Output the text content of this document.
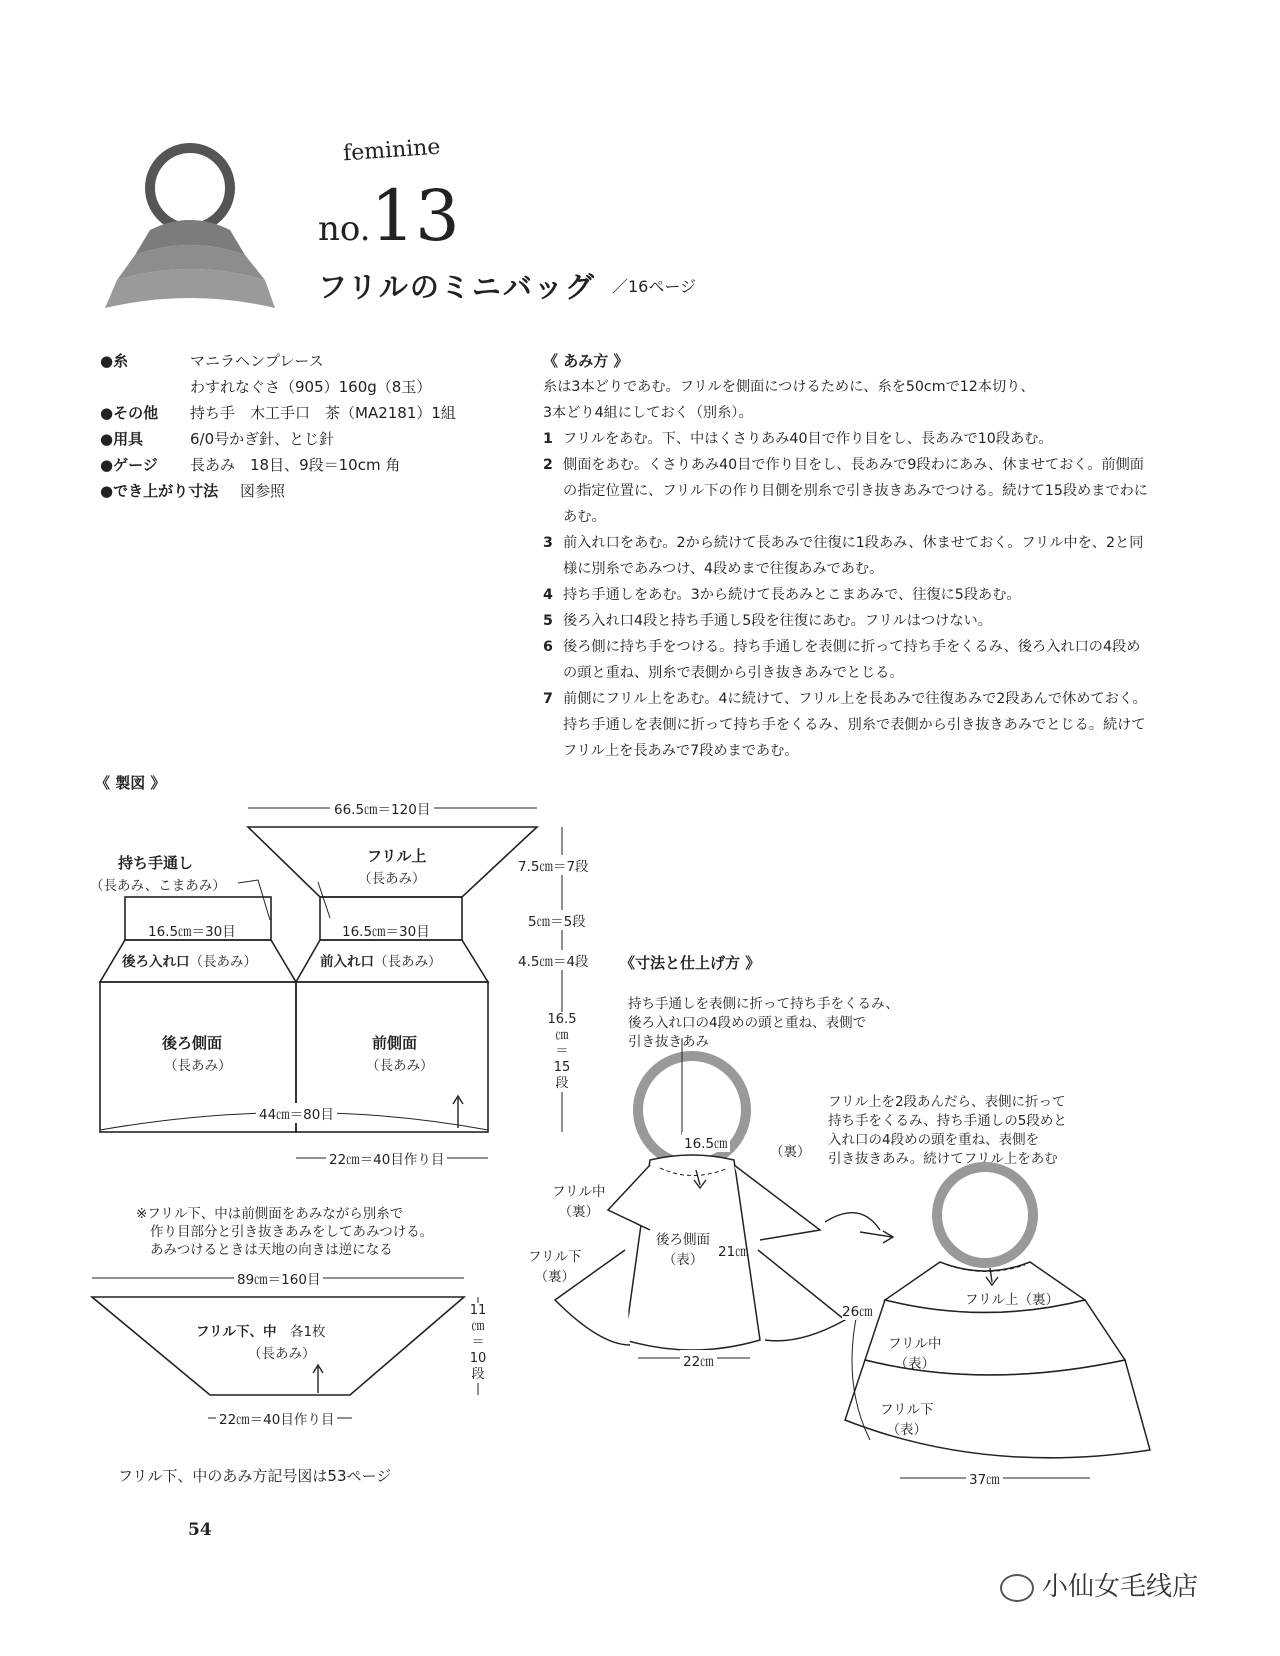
feminine
no.13
フリルのミニバッグ ／16ページ
●糸	マニラヘンプレース
わすれなぐさ（905）160g（8玉）
●その他 持ち手　木工手口　茶（MA2181）1組
●用具	6/0号かぎ針、とじ針
●ゲージ 長あみ　18目、9段＝10cm 角
●でき上がり寸法 図参照
《 あみ方 》
糸は3本どりであむ。フリルを側面につけるために、糸を50cmで12本切り、
3本どり4組にしておく（別糸）。
1 フリルをあむ。下、中はくさりあみ40目で作り目をし、長あみで10段あむ。
2 側面をあむ。くさりあみ40目で作り目をし、長あみで9段わにあみ、休ませておく。前側面の指定位置に、フリル下の作り目側を別糸で引き抜きあみでつける。続けて15段めまでわにあむ。
3 前入れ口をあむ。2から続けて長あみで往復に1段あみ、休ませておく。フリル中を、2と同様に別糸であみつけ、4段めまで往復あみであむ。
4 持ち手通しをあむ。3から続けて長あみとこまあみで、往復に5段あむ。
5 後ろ入れ口4段と持ち手通し5段を往復にあむ。フリルはつけない。
6 後ろ側に持ち手をつける。持ち手通しを表側に折って持ち手をくるみ、後ろ入れ口の4段めの頭と重ね、別糸で表側から引き抜きあみでとじる。
7 前側にフリル上をあむ。4に続けて、フリル上を長あみで往復あみで2段あんで休めておく。持ち手通しを表側に折って持ち手をくるみ、別糸で表側から引き抜きあみでとじる。続けてフリル上を長あみで7段めまであむ。
《 製図 》
66.5㎝＝120目
フリル上
（長あみ）
7.5㎝＝7段
持ち手通し
（長あみ、こまあみ）
16.5㎝＝30目	16.5㎝＝30目
5㎝＝5段
後ろ入れ口（長あみ）	前入れ口（長あみ）	4.5㎝＝4段
後ろ側面
（長あみ）
前側面
（長あみ）
16.5
㎝
＝
15
段
44㎝＝80目
22㎝＝40目作り目
※フリル下、中は前側面をあみながら別糸で
作り目部分と引き抜きあみをしてあみつける。
あみつけるときは天地の向きは逆になる
89㎝＝160目
フリル下、中　 各1枚
（長あみ）
11
㎝
＝
10
段
22㎝＝40目作り目
フリル下、中のあみ方記号図は53ページ
《寸法と仕上げ方 》
持ち手通しを表側に折って持ち手をくるみ、
後ろ入れ口の4段めの頭と重ね、表側で
引き抜きあみ
フリル上を2段あんだら、表側に折って
持ち手をくるみ、持ち手通しの5段めと
入れ口の4段めの頭を重ね、表側を
引き抜きあみ。続けてフリル上をあむ
16.5㎝	（裏）
フリル中
（裏）
フリル下
（裏）
後ろ側面
（表）	21㎝
22㎝
26㎝
フリル上（裏）
フリル中
（表）
フリル下
（表）
37㎝
54
小仙女毛线店
